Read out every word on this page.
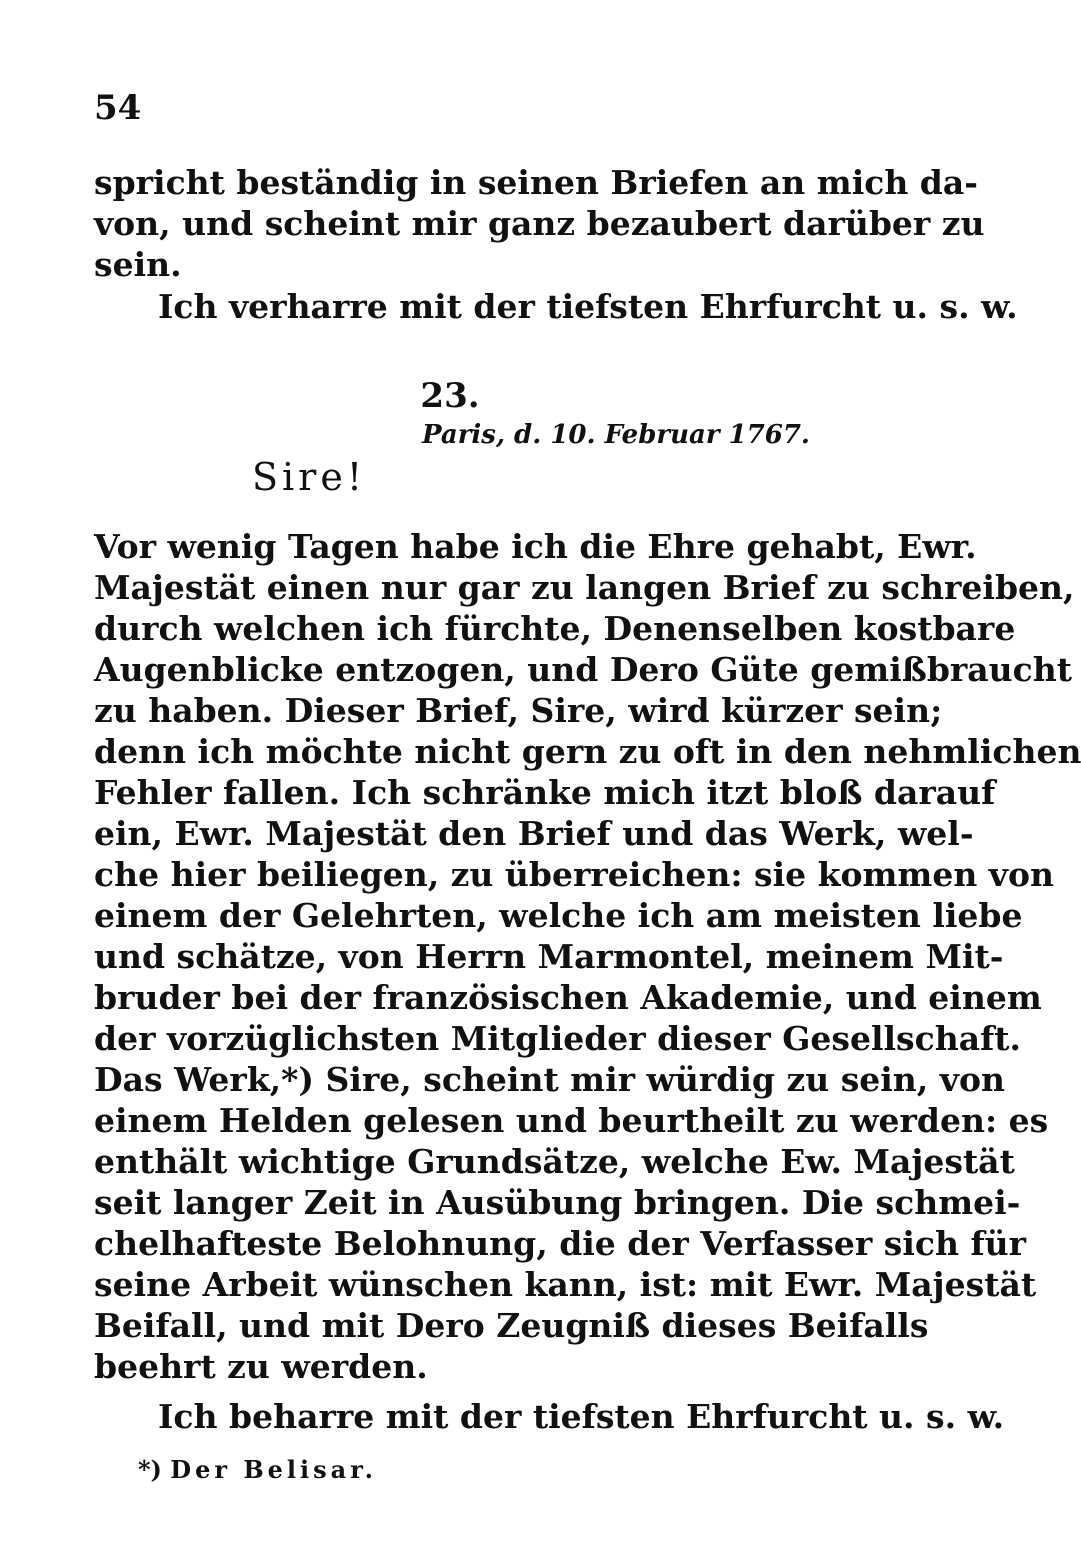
54
spricht beständig in seinen Briefen an mich da-
von, und scheint mir ganz bezaubert darüber zu
sein.
Ich verharre mit der tiefsten Ehrfurcht u. s. w.
23.
Paris, d. 10. Februar 1767.
Sire!
Vor wenig Tagen habe ich die Ehre gehabt, Ewr.
Majestät einen nur gar zu langen Brief zu schreiben,
durch welchen ich fürchte, Denenselben kostbare
Augenblicke entzogen, und Dero Güte gemißbraucht
zu haben. Dieser Brief, Sire, wird kürzer sein;
denn ich möchte nicht gern zu oft in den nehmlichen
Fehler fallen. Ich schränke mich itzt bloß darauf
ein, Ewr. Majestät den Brief und das Werk, wel-
che hier beiliegen, zu überreichen: sie kommen von
einem der Gelehrten, welche ich am meisten liebe
und schätze, von Herrn Marmontel, meinem Mit-
bruder bei der französischen Akademie, und einem
der vorzüglichsten Mitglieder dieser Gesellschaft.
Das Werk,*) Sire, scheint mir würdig zu sein, von
einem Helden gelesen und beurtheilt zu werden: es
enthält wichtige Grundsätze, welche Ew. Majestät
seit langer Zeit in Ausübung bringen. Die schmei-
chelhafteste Belohnung, die der Verfasser sich für
seine Arbeit wünschen kann, ist: mit Ewr. Majestät
Beifall, und mit Dero Zeugniß dieses Beifalls
beehrt zu werden.
Ich beharre mit der tiefsten Ehrfurcht u. s. w.
*) Der Belisar.
